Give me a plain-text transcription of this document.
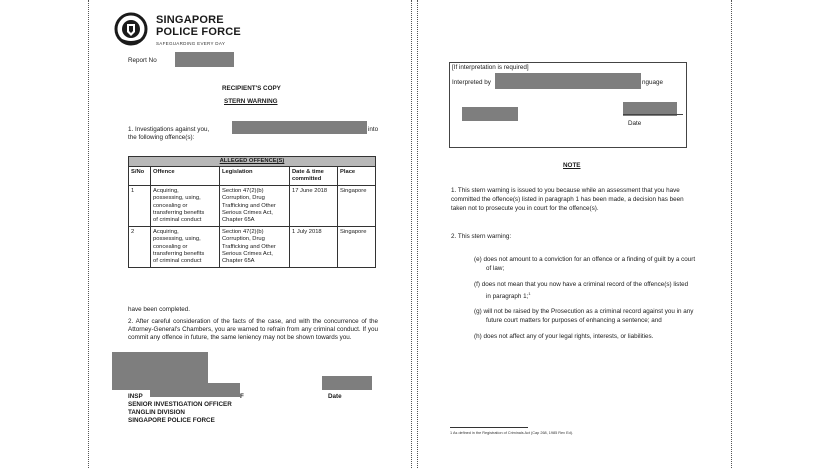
SINGAPORE
POLICE FORCE
SAFEGUARDING EVERY DAY
Report No
RECIPIENT'S COPY
STERN WARNING
1. Investigations against you,	into
the following offence(s):
ALLEGED OFFENCE(S)				
S/No	Offence	Legislation	Date & time committed	Place
1	Acquiring,
possessing, using,
concealing or
transferring benefits
of criminal conduct	Section 47(2)(b)
Corruption, Drug
Trafficking and Other
Serious Crimes Act,
Chapter 65A	17 June 2018	Singapore
2	Acquiring,
possessing, using,
concealing or
transferring benefits
of criminal conduct	Section 47(2)(b)
Corruption, Drug
Trafficking and Other
Serious Crimes Act,
Chapter 65A	1 July 2018	Singapore
have been completed.
2. After careful consideration of the facts of the case, and with the concurrence of the Attorney-General's Chambers, you are warned to refrain from any criminal conduct. If you commit any offence in future, the same leniency may not be shown towards you.
INSP	F
SENIOR INVESTIGATION OFFICER
TANGLIN DIVISION
SINGAPORE POLICE FORCE
Date
[If interpretation is required]
Interpreted by	nguage
Date
NOTE
1. This stern warning is issued to you because while an assessment that you have
committed the offence(s) listed in paragraph 1 has been made, a decision has been
taken not to prosecute you in court for the offence(s).
2. This stern warning:
(e) does not amount to a conviction for an offence or a finding of guilt by a court
of law;
(f) does not mean that you now have a criminal record of the offence(s) listed
in paragraph 1;$^1$
(g) will not be raised by the Prosecution as a criminal record against you in any
future court matters for purposes of enhancing a sentence; and
(h) does not affect any of your legal rights, interests, or liabilities.
1 As defined in the Registration of Criminals Act (Cap 268, 1985 Rev Ed).
